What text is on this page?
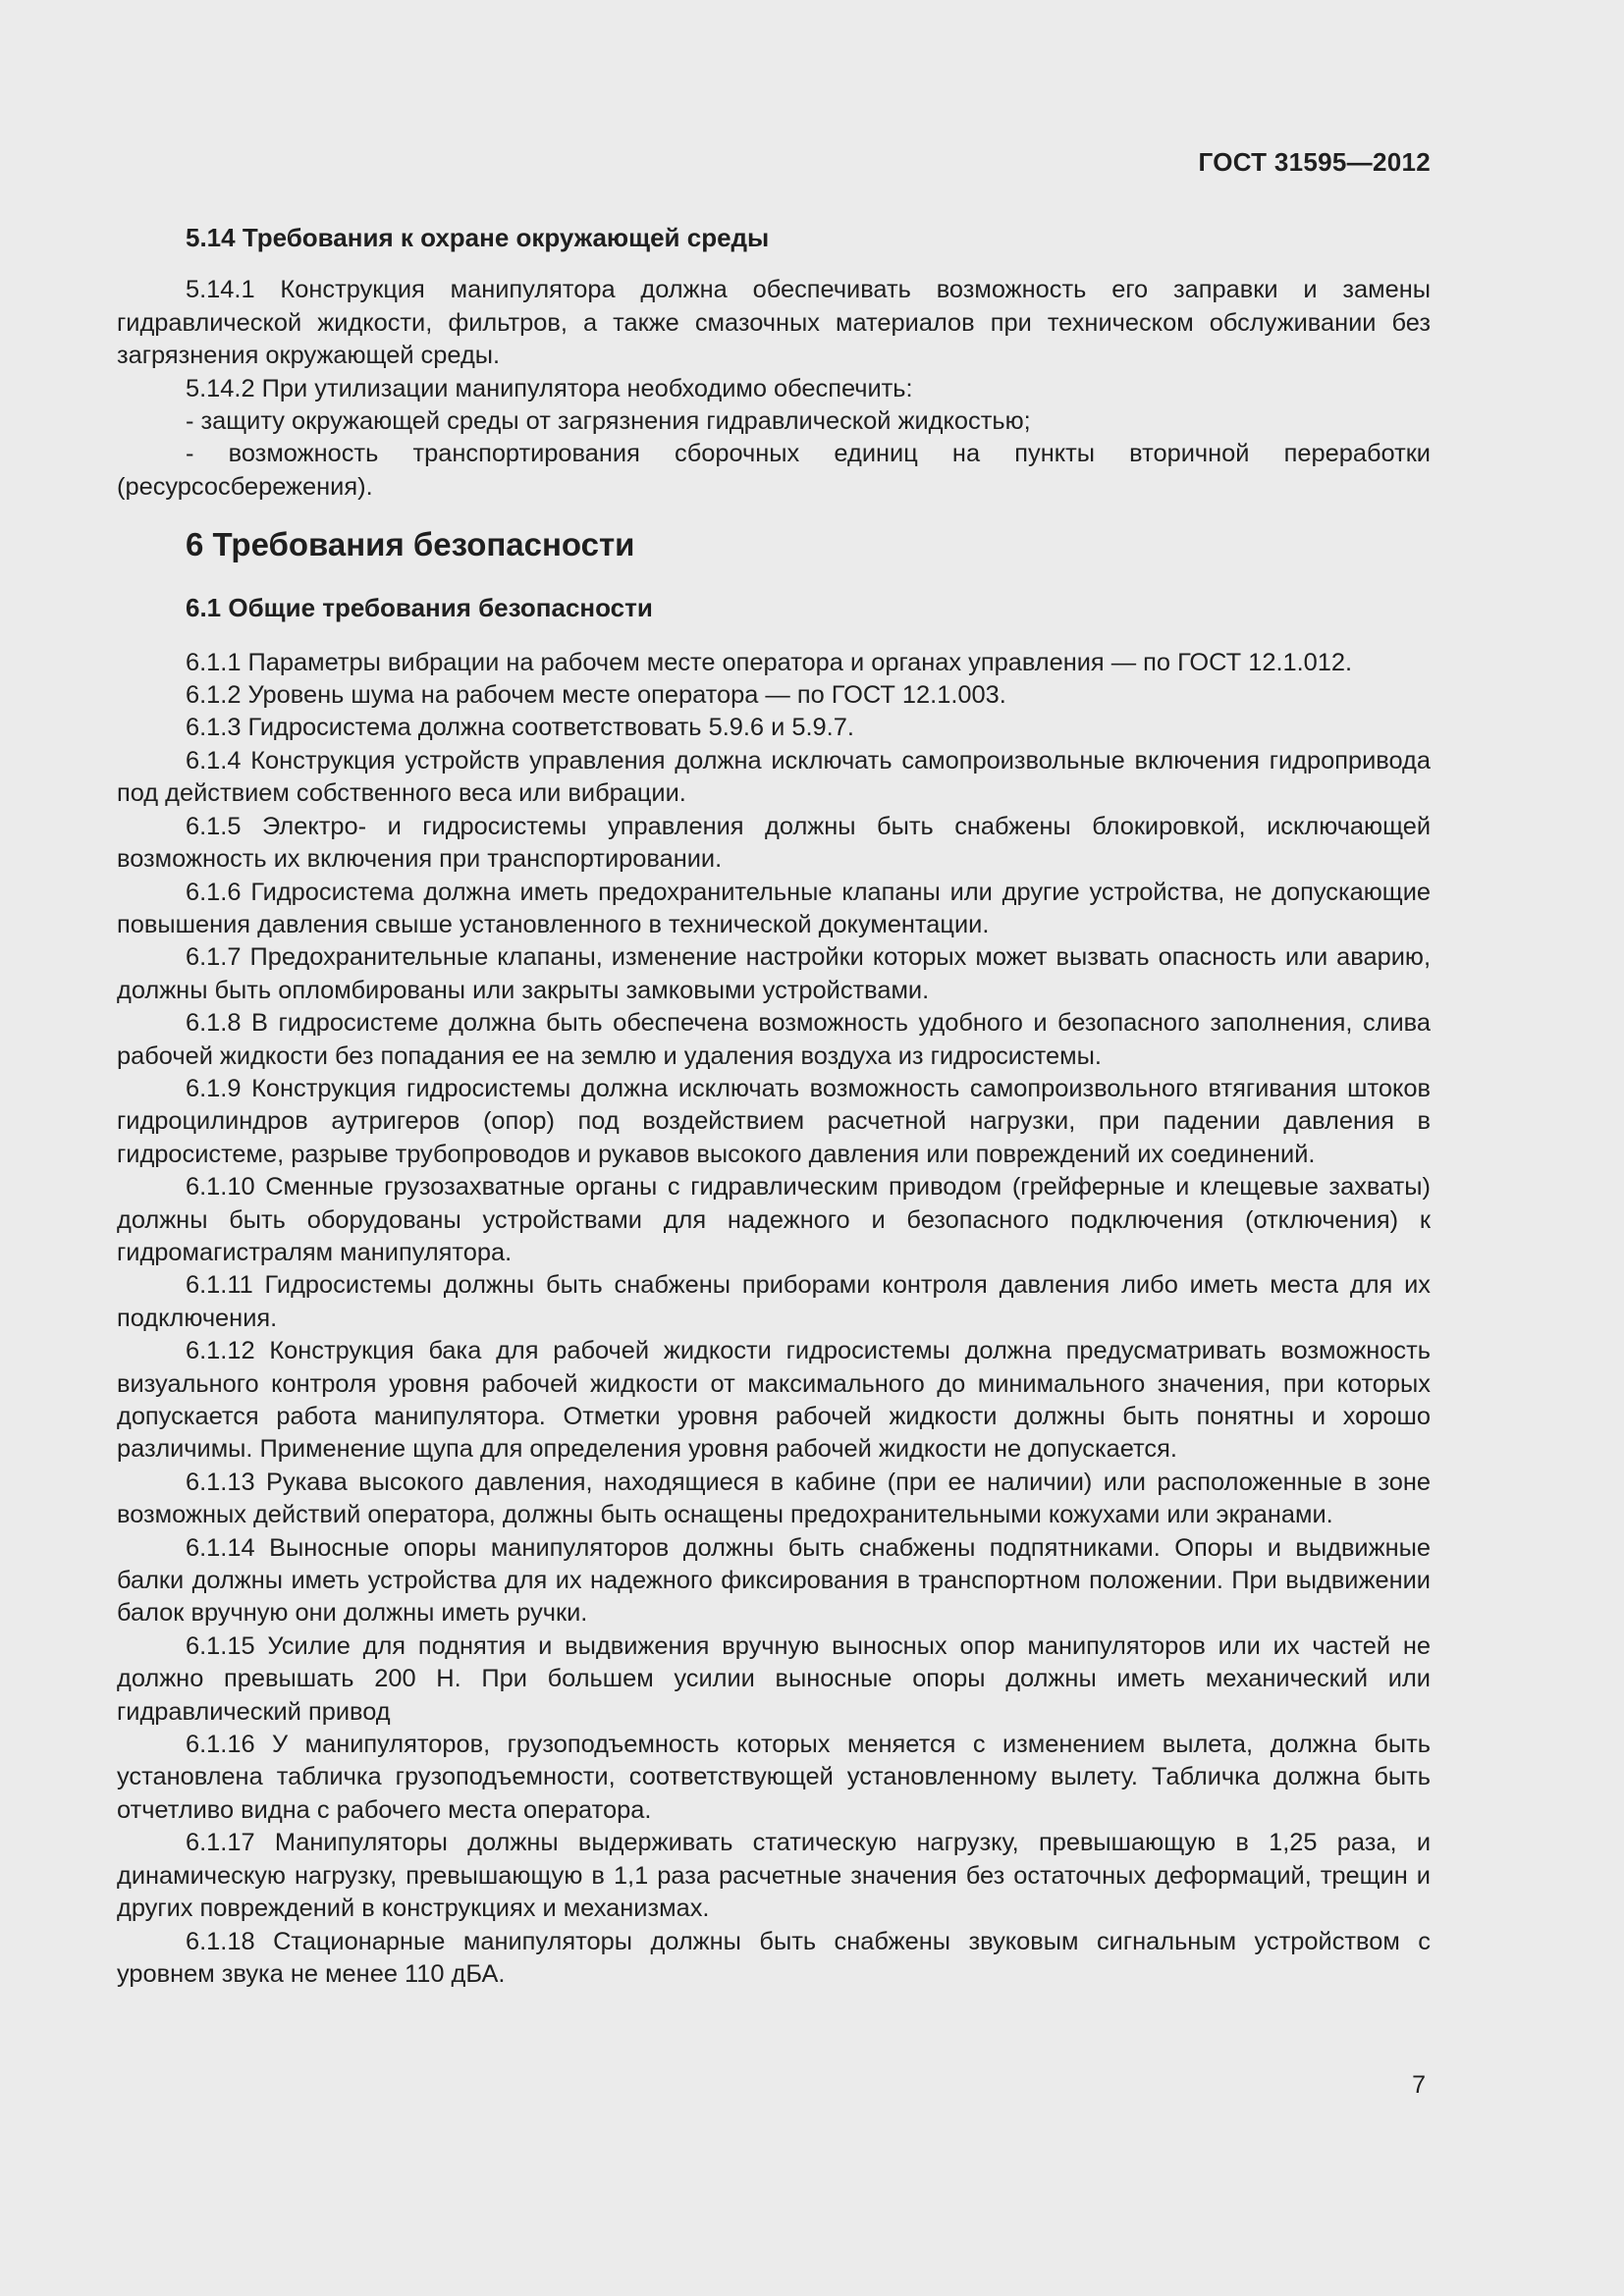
ГОСТ 31595—2012
5.14 Требования к охране окружающей среды

5.14.1 Конструкция манипулятора должна обеспечивать возможность его заправки и замены гидравлической жидкости, фильтров, а также смазочных материалов при техническом обслуживании без загрязнения окружающей среды.

5.14.2 При утилизации манипулятора необходимо обеспечить:

- защиту окружающей среды от загрязнения гидравлической жидкостью;

- возможность транспортирования сборочных единиц на пункты вторичной переработки (ресурсосбережения).

6 Требования безопасности
6.1 Общие требования безопасности

6.1.1 Параметры вибрации на рабочем месте оператора и органах управления — по ГОСТ 12.1.012.

6.1.2 Уровень шума на рабочем месте оператора — по ГОСТ 12.1.003.

6.1.3 Гидросистема должна соответствовать 5.9.6 и 5.9.7.

6.1.4 Конструкция устройств управления должна исключать самопроизвольные включения гидропривода под действием собственного веса или вибрации.

6.1.5 Электро- и гидросистемы управления должны быть снабжены блокировкой, исключающей возможность их включения при транспортировании.

6.1.6 Гидросистема должна иметь предохранительные клапаны или другие устройства, не допускающие повышения давления свыше установленного в технической документации.

6.1.7 Предохранительные клапаны, изменение настройки которых может вызвать опасность или аварию, должны быть опломбированы или закрыты замковыми устройствами.

6.1.8 В гидросистеме должна быть обеспечена возможность удобного и безопасного заполнения, слива рабочей жидкости без попадания ее на землю и удаления воздуха из гидросистемы.

6.1.9 Конструкция гидросистемы должна исключать возможность самопроизвольного втягивания штоков гидроцилиндров аутригеров (опор) под воздействием расчетной нагрузки, при падении давления в гидросистеме, разрыве трубопроводов и рукавов высокого давления или повреждений их соединений.

6.1.10 Сменные грузозахватные органы с гидравлическим приводом (грейферные и клещевые захваты) должны быть оборудованы устройствами для надежного и безопасного подключения (отключения) к гидромагистралям манипулятора.

6.1.11 Гидросистемы должны быть снабжены приборами контроля давления либо иметь места для их подключения.

6.1.12 Конструкция бака для рабочей жидкости гидросистемы должна предусматривать возможность визуального контроля уровня рабочей жидкости от максимального до минимального значения, при которых допускается работа манипулятора. Отметки уровня рабочей жидкости должны быть понятны и хорошо различимы. Применение щупа для определения уровня рабочей жидкости не допускается.

6.1.13 Рукава высокого давления, находящиеся в кабине (при ее наличии) или расположенные в зоне возможных действий оператора, должны быть оснащены предохранительными кожухами или экранами.

6.1.14 Выносные опоры манипуляторов должны быть снабжены подпятниками. Опоры и выдвижные балки должны иметь устройства для их надежного фиксирования в транспортном положении. При выдвижении балок вручную они должны иметь ручки.

6.1.15 Усилие для поднятия и выдвижения вручную выносных опор манипуляторов или их частей не должно превышать 200 Н. При большем усилии выносные опоры должны иметь механический или гидравлический привод

6.1.16 У манипуляторов, грузоподъемность которых меняется с изменением вылета, должна быть установлена табличка грузоподъемности, соответствующей установленному вылету. Табличка должна быть отчетливо видна с рабочего места оператора.

6.1.17 Манипуляторы должны выдерживать статическую нагрузку, превышающую в 1,25 раза, и динамическую нагрузку, превышающую в 1,1 раза расчетные значения без остаточных деформаций, трещин и других повреждений в конструкциях и механизмах.

6.1.18 Стационарные манипуляторы должны быть снабжены звуковым сигнальным устройством с уровнем звука не менее 110 дБА.

7
